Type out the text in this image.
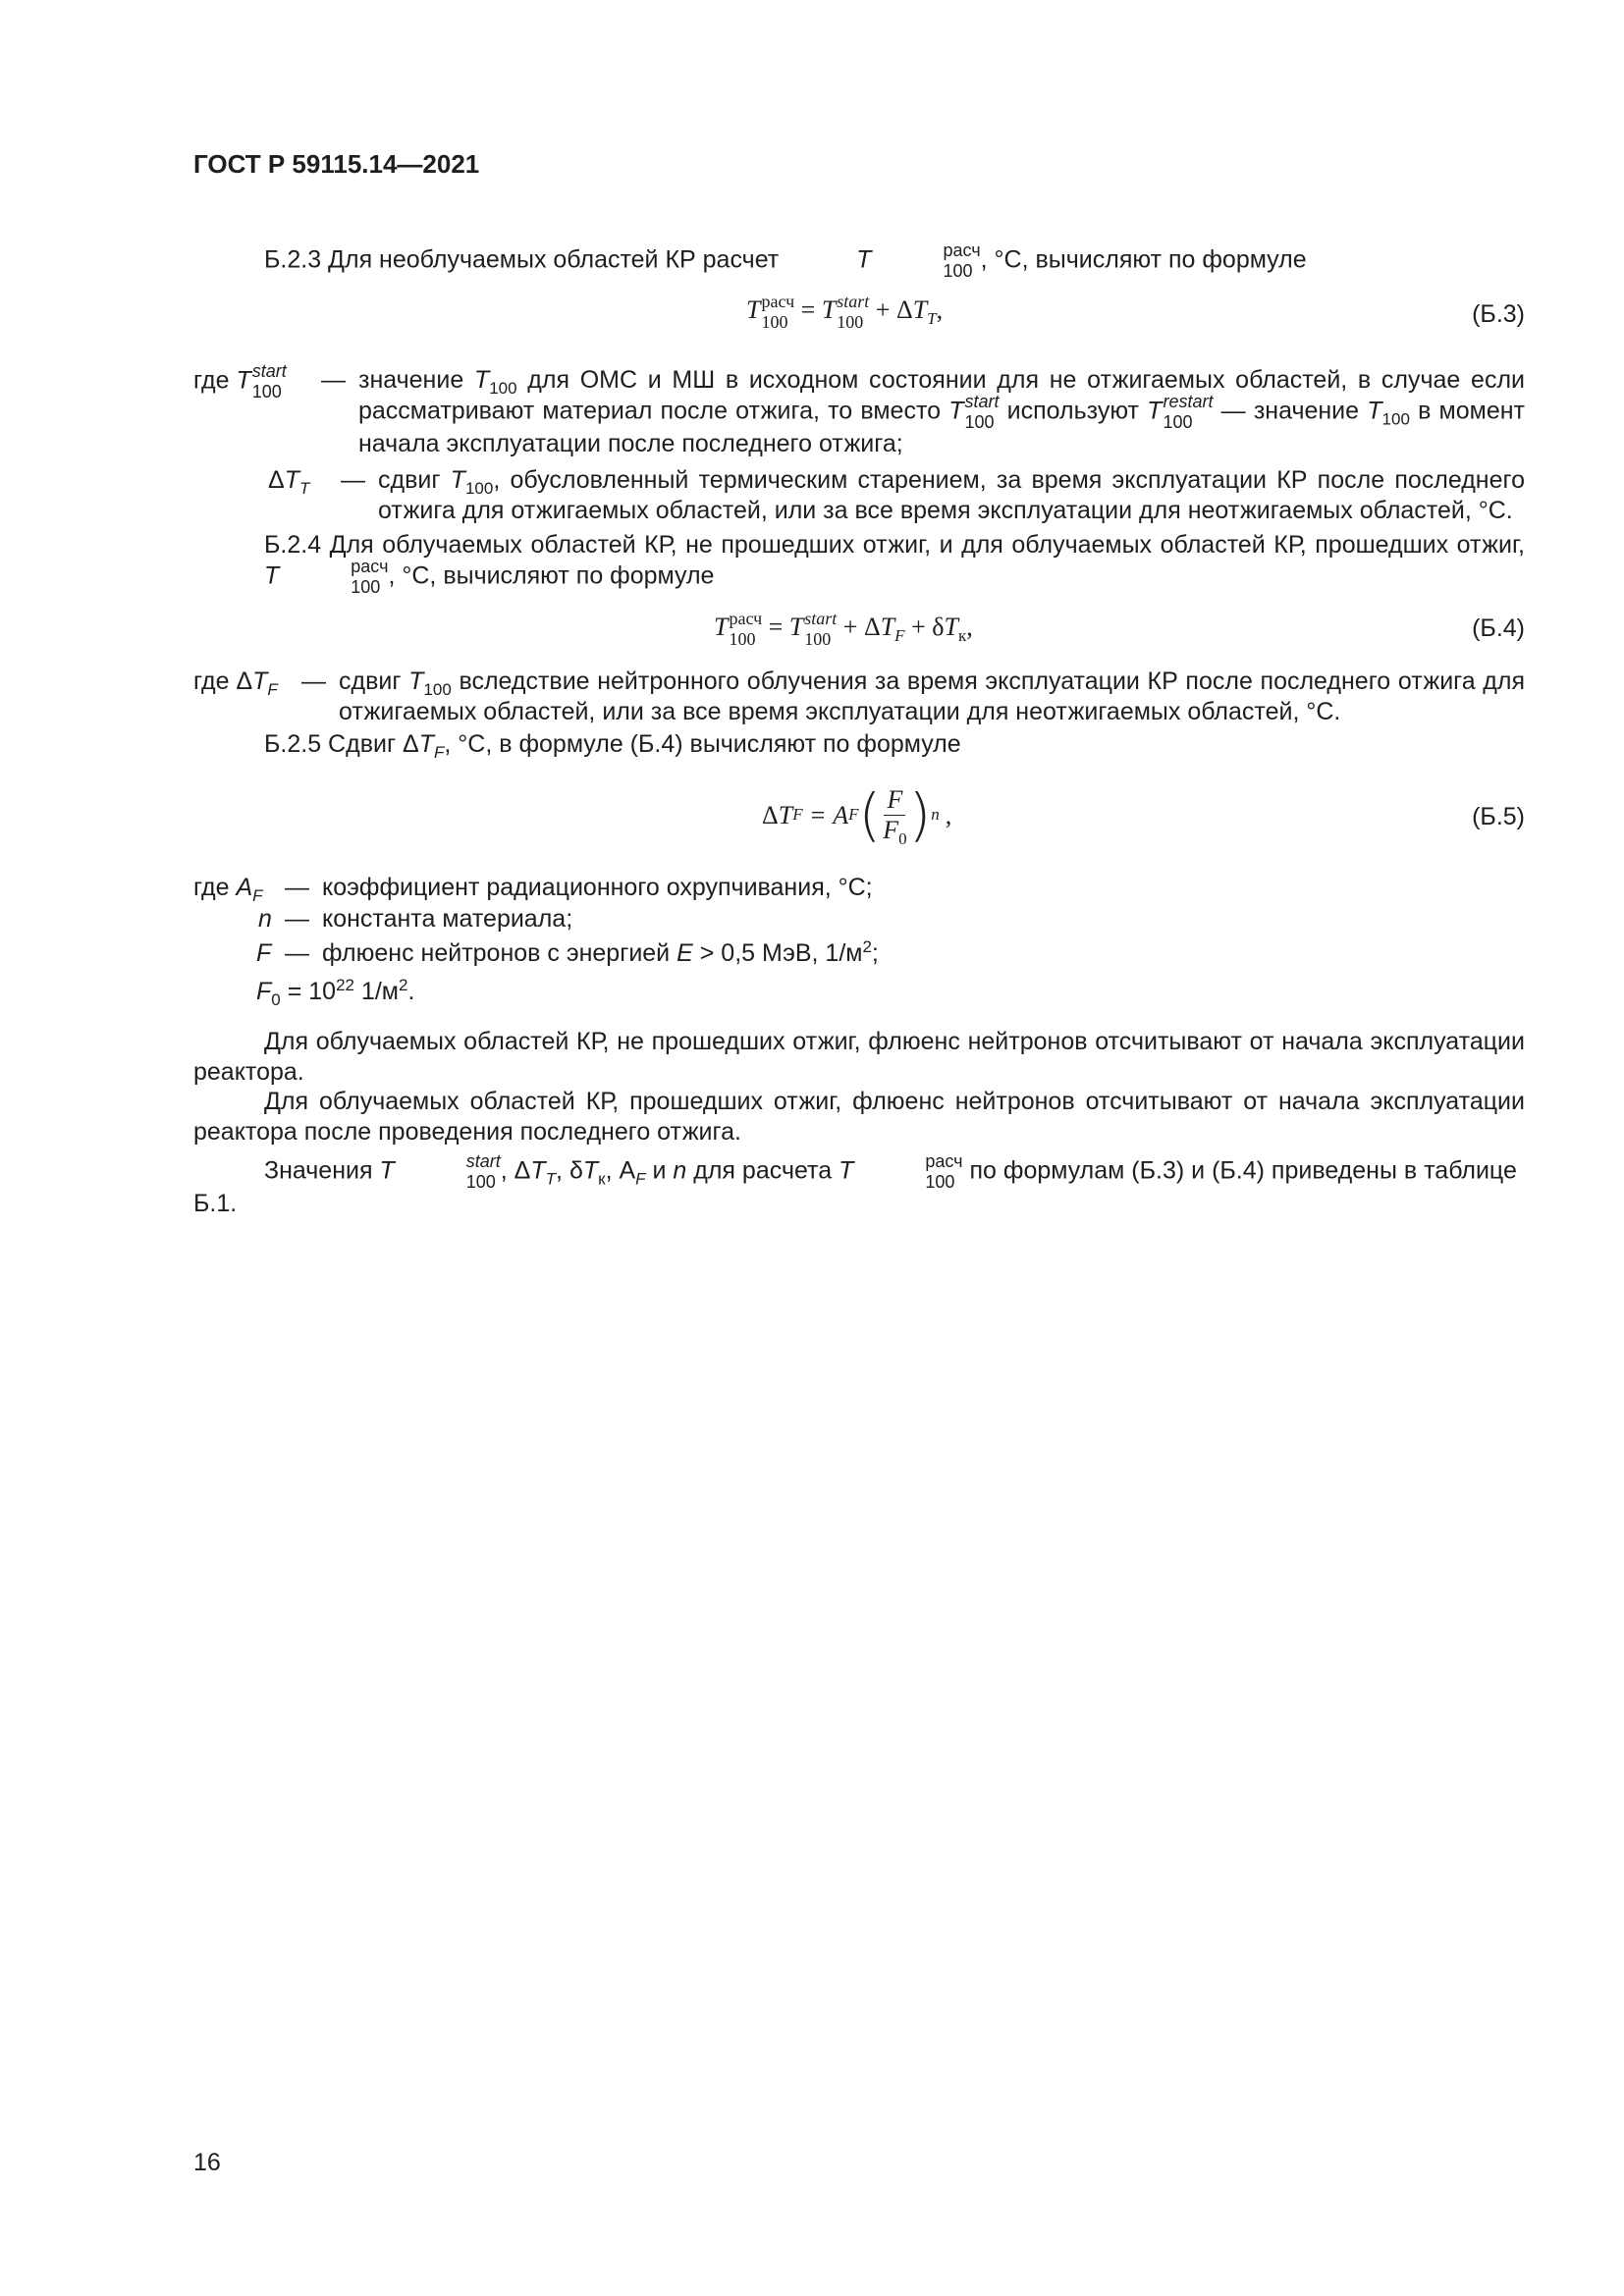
ГОСТ Р 59115.14—2021
Б.2.3 Для необлучаемых областей КР расчет	T	расч
100 , °С, вычисляют по формуле
T расч
100 = T start
$100 + \Delta T_T$,	(Б.3)
где T start
100 — значение $T_{100}$ для ОМС и МШ в исходном состоянии для не отжигаемых областей, в случае если рассматривают материал после отжига, то вместо T start
100 используют T restart
100 — значение $T_{100}$ в момент начала эксплуатации после последнего отжига;
$\Delta T_T$ — сдвиг $T_{100}$, обусловленный термическим старением, за время эксплуатации КР после последнего отжига для отжигаемых областей, или за все время эксплуатации для неотжигаемых областей, °С.
Б.2.4 Для облучаемых областей КР, не прошедших отжиг, и для облучаемых областей КР, прошедших отжиг, T	расч
100 , °С, вычисляют по формуле
T расч
100 = T start
$100 + \Delta T_F + \delta T_к$,	(Б.4)
где $\Delta T_F$ — сдвиг $T_{100}$ вследствие нейтронного облучения за время эксплуатации КР после последнего отжига для отжигаемых областей, или за все время эксплуатации для неотжигаемых областей, °С.
Б.2.5 Сдвиг $\Delta T_F$, °С, в формуле (Б.4) вычисляют по формуле
Δ T F = A F ( $\frac{F}{F_0}$ ) n ,	(Б.5)
где $A_F$ — коэффициент радиационного охрупчивания, °С;
n — константа материала;
F — флюенс нейтронов с энергией E > 0,5 МэВ, $1/м^2$;
$F_0 = 10^{22}$ $1/м^2$.
Для облучаемых областей КР, не прошедших отжиг, флюенс нейтронов отсчитывают от начала эксплуатации реактора.
Для облучаемых областей КР, прошедших отжиг, флюенс нейтронов отсчитывают от начала эксплуатации реактора после проведения последнего отжига.
Значения T	start
100 , $\Delta T_T$, $\delta T_к$, $А_F$ и n для расчета T	расч
100 по формулам (Б.3) и (Б.4) приведены в таблице Б.1.
16
